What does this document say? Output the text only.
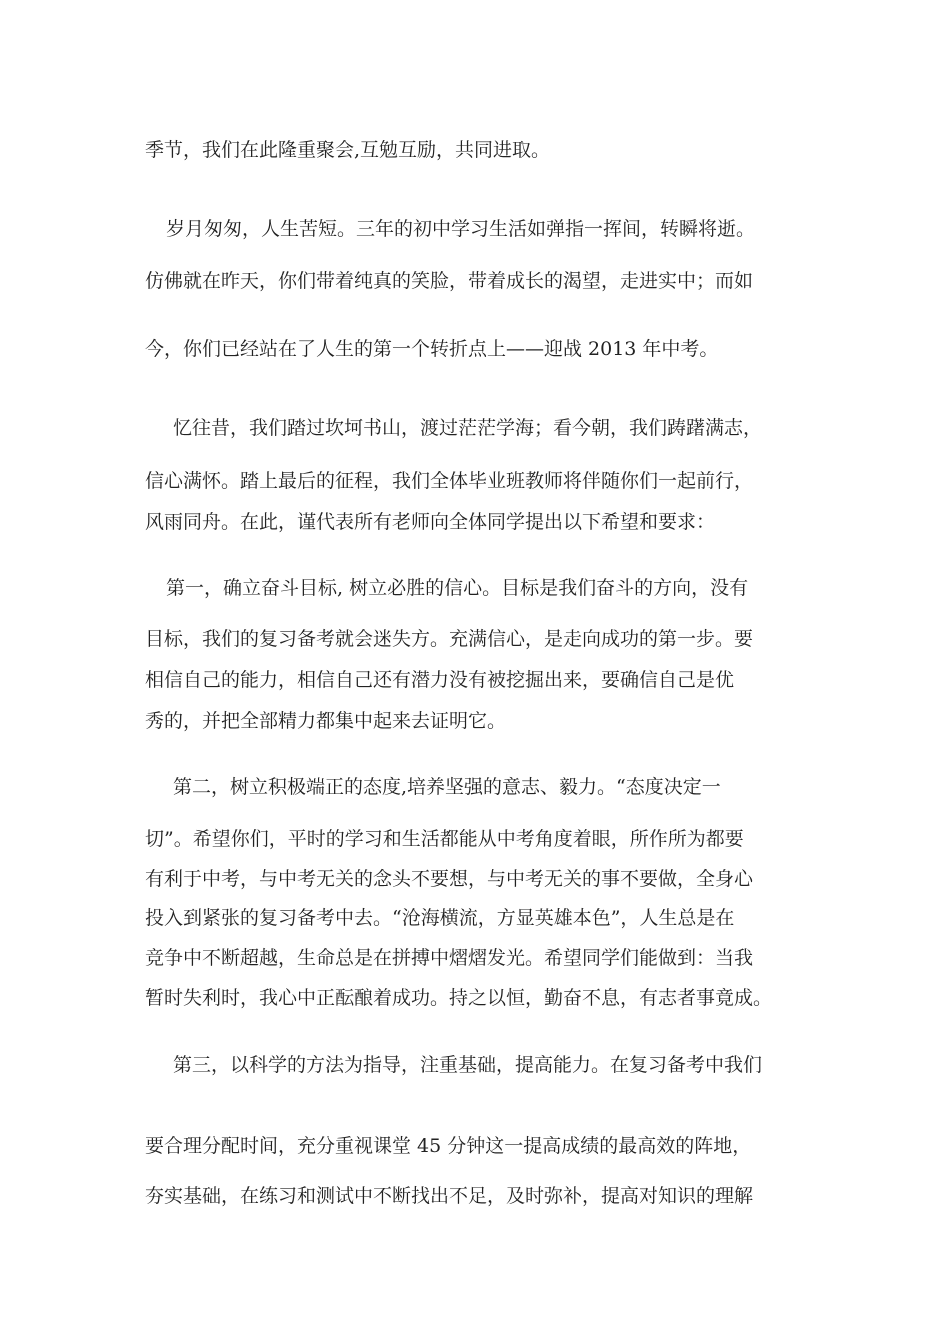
季节，我们在此隆重聚会,互勉互励，共同进取。
岁月匆匆，人生苦短。三年的初中学习生活如弹指一挥间，转瞬将逝。
仿佛就在昨天，你们带着纯真的笑脸，带着成长的渴望，走进实中；而如
今，你们已经站在了人生的第一个转折点上——迎战 2013 年中考。
忆往昔，我们踏过坎坷书山，渡过茫茫学海；看今朝，我们踌躇满志，
信心满怀。踏上最后的征程，我们全体毕业班教师将伴随你们一起前行，
风雨同舟。在此，谨代表所有老师向全体同学提出以下希望和要求：
第一，确立奋斗目标, 树立必胜的信心。目标是我们奋斗的方向，没有
目标，我们的复习备考就会迷失方。充满信心，是走向成功的第一步。要
相信自己的能力，相信自己还有潜力没有被挖掘出来，要确信自己是优
秀的，并把全部精力都集中起来去证明它。
第二，树立积极端正的态度,培养坚强的意志、毅力。“态度决定一
切”。希望你们，平时的学习和生活都能从中考角度着眼，所作所为都要
有利于中考，与中考无关的念头不要想，与中考无关的事不要做，全身心
投入到紧张的复习备考中去。“沧海横流，方显英雄本色”，人生总是在
竞争中不断超越，生命总是在拼搏中熠熠发光。希望同学们能做到：当我
暂时失利时，我心中正酝酿着成功。持之以恒，勤奋不息，有志者事竟成。
第三，以科学的方法为指导，注重基础，提高能力。在复习备考中我们
要合理分配时间，充分重视课堂 45 分钟这一提高成绩的最高效的阵地，
夯实基础，在练习和测试中不断找出不足，及时弥补，提高对知识的理解
